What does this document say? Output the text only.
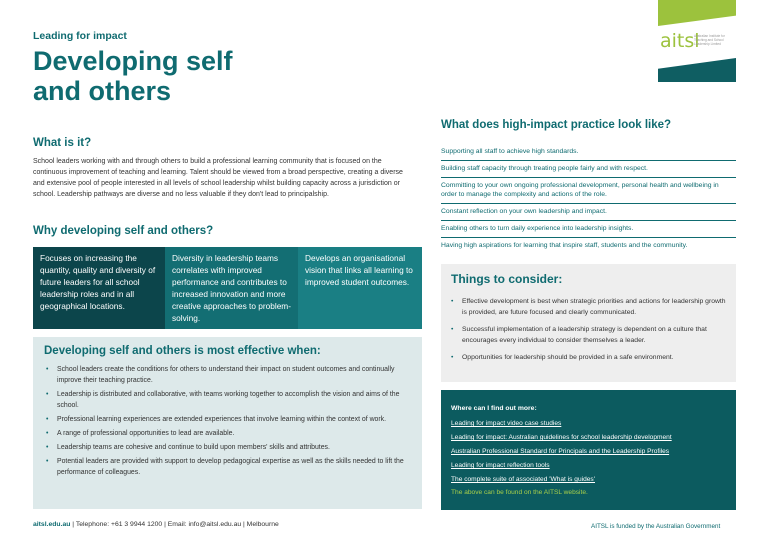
Leading for impact
Developing self
and others
aitsl
Australian Institute for Teaching and School Leadership Limited
What is it?
School leaders working with and through others to build a professional learning community that is focused on the continuous improvement of teaching and learning. Talent should be viewed from a broad perspective, creating a diverse and extensive pool of people interested in all levels of school leadership whilst building capacity across a jurisdiction or school. Leadership pathways are diverse and no less valuable if they don't lead to principalship.
Why developing self and others?
Focuses on increasing the quantity, quality and diversity of future leaders for all school leadership roles and in all geographical locations.
Diversity in leadership teams correlates with improved performance and contributes to increased innovation and more creative approaches to problem-solving.
Develops an organisational vision that links all learning to improved student outcomes.
Developing self and others is most effective when:
• School leaders create the conditions for others to understand their impact on student outcomes and continually improve their teaching practice.
• Leadership is distributed and collaborative, with teams working together to accomplish the vision and aims of the school.
• Professional learning experiences are extended experiences that involve learning within the context of work.
• A range of professional opportunities to lead are available.
• Leadership teams are cohesive and continue to build upon members' skills and attributes.
• Potential leaders are provided with support to develop pedagogical expertise as well as the skills needed to lift the performance of colleagues.
What does high-impact practice look like?
Supporting all staff to achieve high standards.
Building staff capacity through treating people fairly and with respect.
Committing to your own ongoing professional development, personal health and wellbeing in order to manage the complexity and actions of the role.
Constant reflection on your own leadership and impact.
Enabling others to turn daily experience into leadership insights.
Having high aspirations for learning that inspire staff, students and the community.
Things to consider:
• Effective development is best when strategic priorities and actions for leadership growth is provided, are future focused and clearly communicated.
• Successful implementation of a leadership strategy is dependent on a culture that encourages every individual to consider themselves a leader.
• Opportunities for leadership should be provided in a safe environment.
Where can I find out more:
Leading for impact video case studies
Leading for impact: Australian guidelines for school leadership development
Australian Professional Standard for Principals and the Leadership Profiles
Leading for impact reflection tools
The complete suite of associated 'What is guides'
The above can be found on the AITSL website.
aitsl.edu.au | Telephone: +61 3 9944 1200 | Email: info@aitsl.edu.au | Melbourne	AITSL is funded by the Australian Government
